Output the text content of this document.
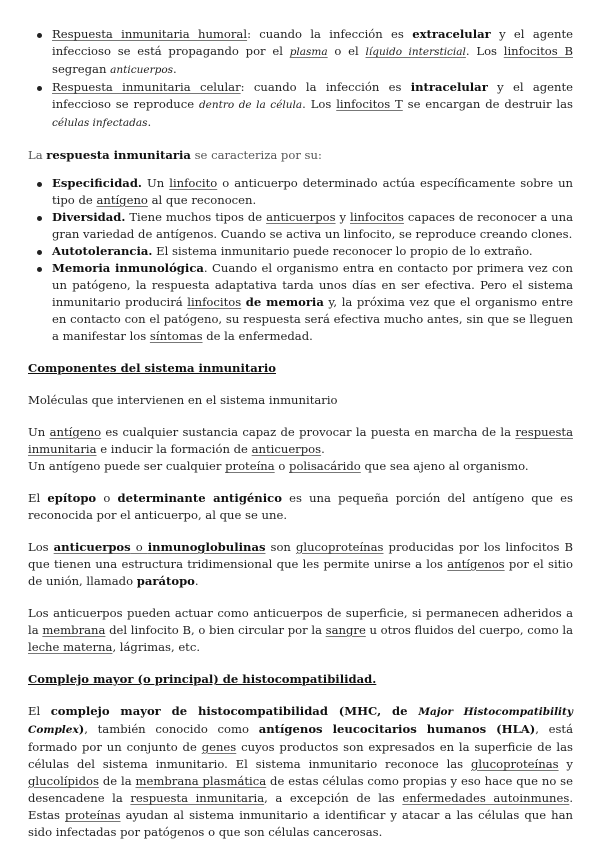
Respuesta inmunitaria humoral: cuando la infección es extracelular y el agente infeccioso se está propagando por el plasma o el líquido intersticial. Los linfocitos B segregan anticuerpos.
Respuesta inmunitaria celular: cuando la infección es intracelular y el agente infeccioso se reproduce dentro de la célula. Los linfocitos T se encargan de destruir las células infectadas.

La respuesta inmunitaria se caracteriza por su:

Especificidad. Un linfocito o anticuerpo determinado actúa específicamente sobre un tipo de antígeno al que reconocen.
Diversidad. Tiene muchos tipos de anticuerpos y linfocitos capaces de reconocer a una gran variedad de antígenos. Cuando se activa un linfocito, se reproduce creando clones.
Autotolerancia. El sistema inmunitario puede reconocer lo propio de lo extraño.
Memoria inmunológica. Cuando el organismo entra en contacto por primera vez con un patógeno, la respuesta adaptativa tarda unos días en ser efectiva. Pero el sistema inmunitario producirá linfocitos de memoria y, la próxima vez que el organismo entre en contacto con el patógeno, su respuesta será efectiva mucho antes, sin que se lleguen a manifestar los síntomas de la enfermedad.

Componentes del sistema inmunitario

Moléculas que intervienen en el sistema inmunitario

Un antígeno es cualquier sustancia capaz de provocar la puesta en marcha de la respuesta inmunitaria e inducir la formación de anticuerpos.

Un antígeno puede ser cualquier proteína o polisacárido que sea ajeno al organismo.

El epítopo o determinante antigénico es una pequeña porción del antígeno que es reconocida por el anticuerpo, al que se une.

Los anticuerpos o inmunoglobulinas son glucoproteínas producidas por los linfocitos B que tienen una estructura tridimensional que les permite unirse a los antígenos por el sitio de unión, llamado parátopo.

Los anticuerpos pueden actuar como anticuerpos de superficie, si permanecen adheridos a la membrana del linfocito B, o bien circular por la sangre u otros fluidos del cuerpo, como la leche materna, lágrimas, etc.

Complejo mayor (o principal) de histocompatibilidad.

El complejo mayor de histocompatibilidad (MHC, de Major Histocompatibility Complex), también conocido como antígenos leucocitarios humanos (HLA), está formado por un conjunto de genes cuyos productos son expresados en la superficie de las células del sistema inmunitario. El sistema inmunitario reconoce las glucoproteínas y glucolípidos de la membrana plasmática de estas células como propias y eso hace que no se desencadene la respuesta inmunitaria, a excepción de las enfermedades autoinmunes. Estas proteínas ayudan al sistema inmunitario a identificar y atacar a las células que han sido infectadas por patógenos o que son células cancerosas.
